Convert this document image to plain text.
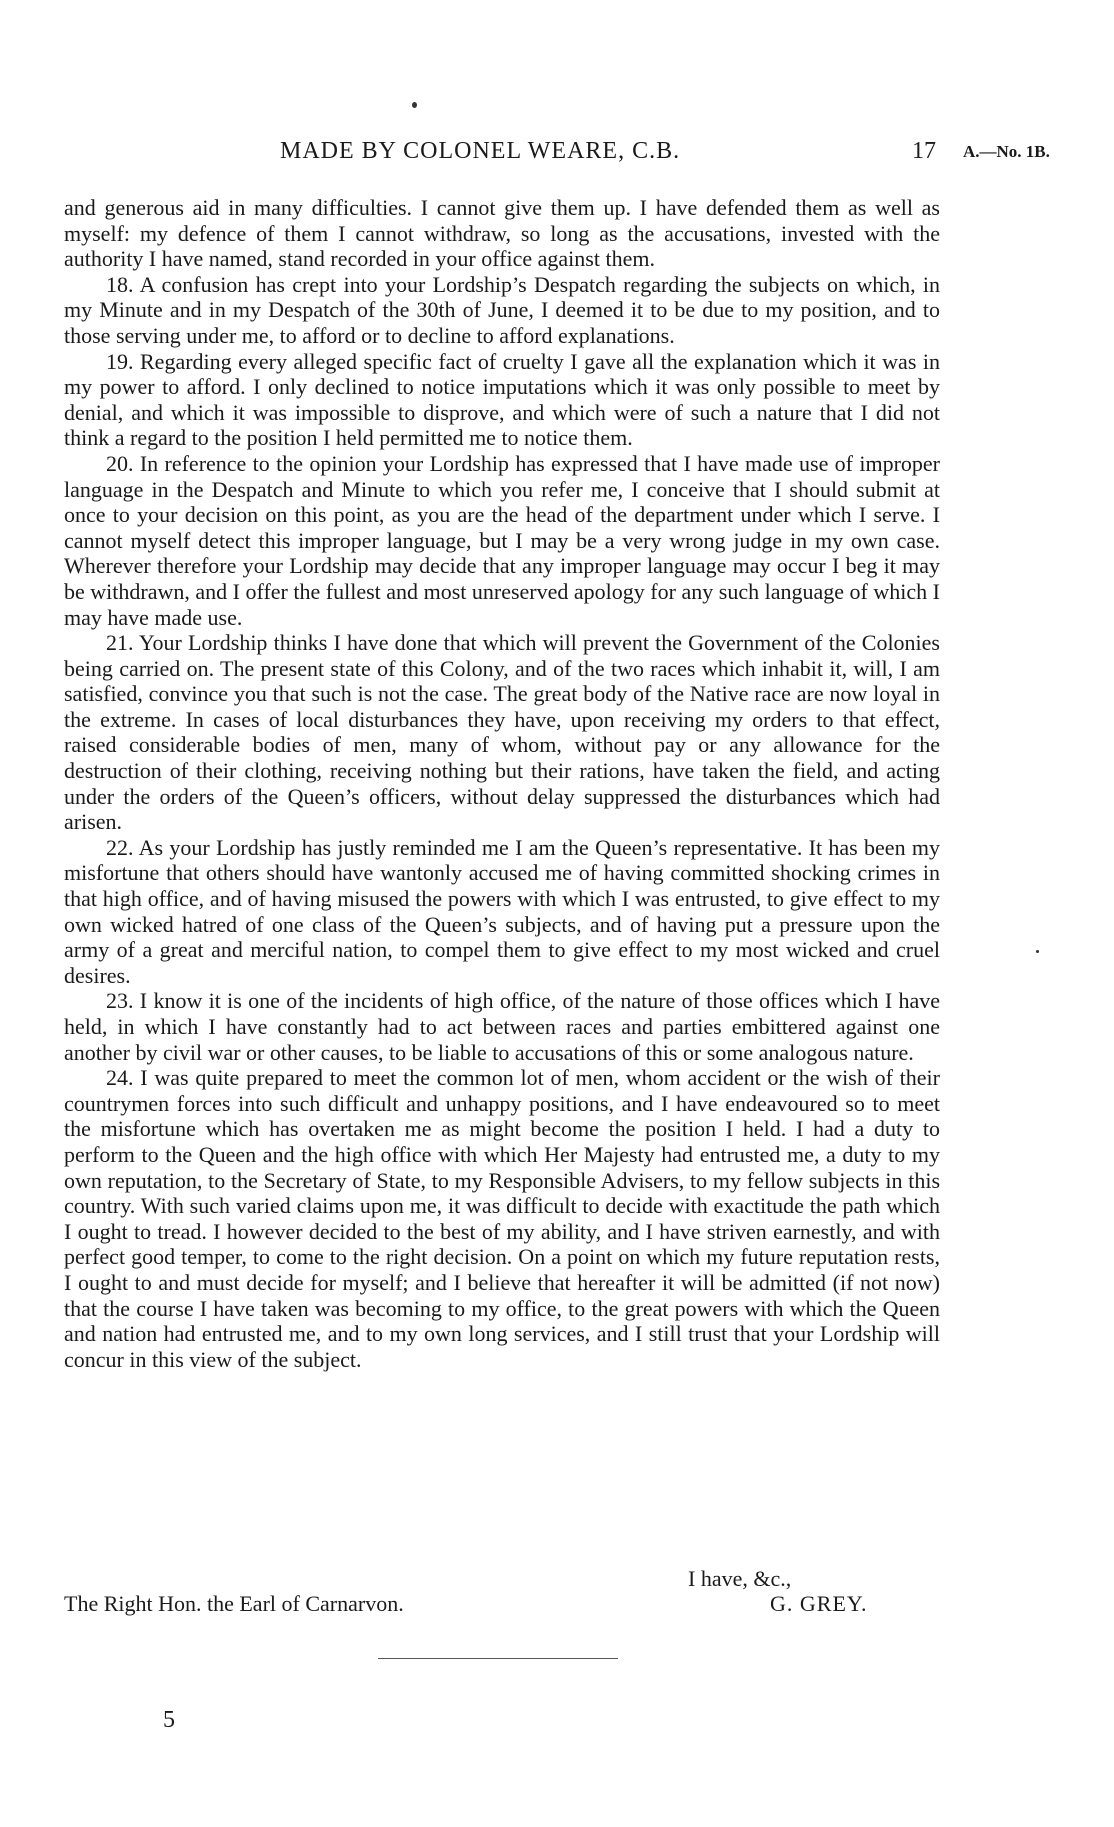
MADE BY COLONEL WEARE, C.B.	17 A.—No. 1B.

and generous aid in many difficulties. I cannot give them up. I have defended them as well as myself: my defence of them I cannot withdraw, so long as the accusations, invested with the authority I have named, stand recorded in your office against them.

18. A confusion has crept into your Lordship’s Despatch regarding the subjects on which, in my Minute and in my Despatch of the 30th of June, I deemed it to be due to my position, and to those serving under me, to afford or to decline to afford explanations.

19. Regarding every alleged specific fact of cruelty I gave all the explanation which it was in my power to afford. I only declined to notice imputations which it was only possible to meet by denial, and which it was impossible to disprove, and which were of such a nature that I did not think a regard to the position I held permitted me to notice them.

20. In reference to the opinion your Lordship has expressed that I have made use of improper language in the Despatch and Minute to which you refer me, I conceive that I should submit at once to your decision on this point, as you are the head of the department under which I serve. I cannot myself detect this improper language, but I may be a very wrong judge in my own case. Wherever therefore your Lordship may decide that any improper language may occur I beg it may be withdrawn, and I offer the fullest and most unreserved apology for any such language of which I may have made use.

21. Your Lordship thinks I have done that which will prevent the Government of the Colonies being carried on. The present state of this Colony, and of the two races which inhabit it, will, I am satisfied, convince you that such is not the case. The great body of the Native race are now loyal in the extreme. In cases of local disturbances they have, upon receiving my orders to that effect, raised considerable bodies of men, many of whom, without pay or any allowance for the destruction of their clothing, receiving nothing but their rations, have taken the field, and acting under the orders of the Queen’s officers, without delay suppressed the disturbances which had arisen.

22. As your Lordship has justly reminded me I am the Queen’s representative. It has been my misfortune that others should have wantonly accused me of having committed shocking crimes in that high office, and of having misused the powers with which I was entrusted, to give effect to my own wicked hatred of one class of the Queen’s subjects, and of having put a pressure upon the army of a great and merciful nation, to compel them to give effect to my most wicked and cruel desires.

23. I know it is one of the incidents of high office, of the nature of those offices which I have held, in which I have constantly had to act between races and parties embittered against one another by civil war or other causes, to be liable to accusations of this or some analogous nature.

24. I was quite prepared to meet the common lot of men, whom accident or the wish of their countrymen forces into such difficult and unhappy positions, and I have endeavoured so to meet the misfortune which has overtaken me as might become the position I held. I had a duty to perform to the Queen and the high office with which Her Majesty had entrusted me, a duty to my own reputation, to the Secretary of State, to my Responsible Advisers, to my fellow subjects in this country. With such varied claims upon me, it was difficult to decide with exactitude the path which I ought to tread. I however decided to the best of my ability, and I have striven earnestly, and with perfect good temper, to come to the right decision. On a point on which my future reputation rests, I ought to and must decide for myself; and I believe that hereafter it will be admitted (if not now) that the course I have taken was becoming to my office, to the great powers with which the Queen and nation had entrusted me, and to my own long services, and I still trust that your Lordship will concur in this view of the subject.

I have, &c.,
The Right Hon. the Earl of Carnarvon.	G. GREY.
5
